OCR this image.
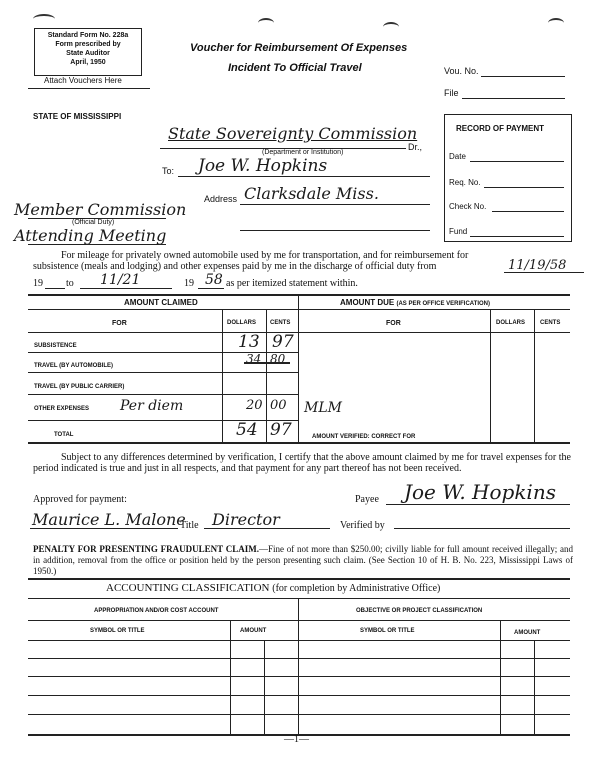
Standard Form No. 228a
Form prescribed by
State Auditor
April, 1950
Attach Vouchers Here
Voucher for Reimbursement Of Expenses
Incident To Official Travel	Vou. No.
File
STATE OF MISSISSIPPI
State Sovereignty Commission
Dr.,
(Department or Institution)
To: Joe W. Hopkins
Address Clarksdale Miss.
Member Commission
(Official Duty)
Attending Meeting
RECORD OF PAYMENT
Date
Req. No.
Check No.
Fund
For mileage for privately owned automobile used by me for transportation, and for reimbursement for subsistence (meals and lodging) and other expenses paid by me in the discharge of official duty from	11/19/58
19 to 11/21	19 58 as per itemized statement within.
AMOUNT CLAIMED	AMOUNT DUE (AS PER OFFICE VERIFICATION)
FOR	DOLLARS CENTS	FOR	DOLLARS	CENTS
SUBSISTENCE	13 97
TRAVEL (BY AUTOMOBILE)	34 80
TRAVEL (BY PUBLIC CARRIER)
OTHER EXPENSES Per diem	20 00 MLM
TOTAL	54 97	AMOUNT VERIFIED: CORRECT FOR
Subject to any differences determined by verification, I certify that the above amount claimed by me for travel expenses for the period indicated is true and just in all respects, and that payment for any part thereof has not been received.
Approved for payment:	Payee Joe W. Hopkins
Maurice L. Malone
Title Director	Verified by
PENALTY FOR PRESENTING FRAUDULENT CLAIM.—Fine of not more than $250.00; civilly liable for full amount received illegally; and in addition, removal from the office or position held by the person presenting such claim. (See Section 10 of H. B. No. 223, Mississippi Laws of 1950.)
ACCOUNTING CLASSIFICATION (for completion by Administrative Office)
APPROPRIATION AND/OR COST ACCOUNT	OBJECTIVE OR PROJECT CLASSIFICATION
SYMBOL OR TITLE	AMOUNT	SYMBOL OR TITLE	AMOUNT
—1—
